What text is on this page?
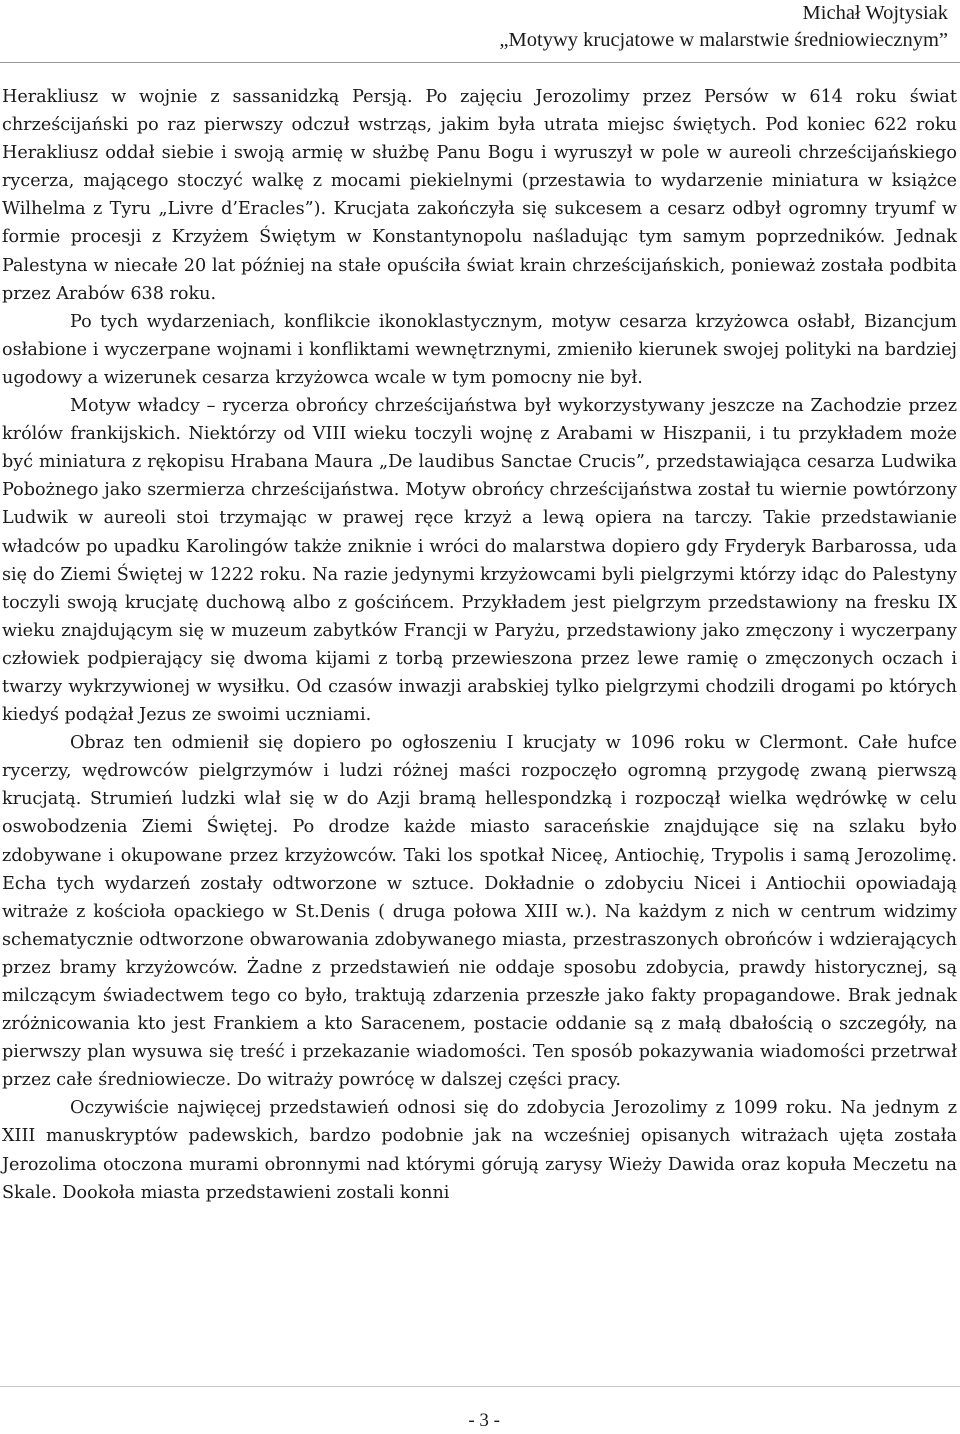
Michał Wojtysiak
„Motywy krucjatowe w malarstwie średniowiecznym”

Herakliusz w wojnie z sassanidzką Persją. Po zajęciu Jerozolimy przez Persów w 614 roku świat chrześcijański po raz pierwszy odczuł wstrząs, jakim była utrata miejsc świętych. Pod koniec 622 roku Herakliusz oddał siebie i swoją armię w służbę Panu Bogu i wyruszył w pole w aureoli chrześcijańskiego rycerza, mającego stoczyć walkę z mocami piekielnymi (przestawia to wydarzenie miniatura w książce Wilhelma z Tyru „Livre d’Eracles”). Krucjata zakończyła się sukcesem a cesarz odbył ogromny tryumf w formie procesji z Krzyżem Świętym w Konstantynopolu naśladując tym samym poprzedników. Jednak Palestyna w niecałe 20 lat później na stałe opuściła świat krain chrześcijańskich, ponieważ została podbita przez Arabów 638 roku.

Po tych wydarzeniach, konflikcie ikonoklastycznym, motyw cesarza krzyżowca osłabł, Bizancjum osłabione i wyczerpane wojnami i konfliktami wewnętrznymi, zmieniło kierunek swojej polityki na bardziej ugodowy a wizerunek cesarza krzyżowca wcale w tym pomocny nie był.

Motyw władcy – rycerza obrońcy chrześcijaństwa był wykorzystywany jeszcze na Zachodzie przez królów frankijskich. Niektórzy od VIII wieku toczyli wojnę z Arabami w Hiszpanii, i tu przykładem może być miniatura z rękopisu Hrabana Maura „De laudibus Sanctae Crucis”, przedstawiająca cesarza Ludwika Pobożnego jako szermierza chrześcijaństwa. Motyw obrońcy chrześcijaństwa został tu wiernie powtórzony Ludwik w aureoli stoi trzymając w prawej ręce krzyż a lewą opiera na tarczy. Takie przedstawianie władców po upadku Karolingów także zniknie i wróci do malarstwa dopiero gdy Fryderyk Barbarossa, uda się do Ziemi Świętej w 1222 roku. Na razie jedynymi krzyżowcami byli pielgrzymi którzy idąc do Palestyny toczyli swoją krucjatę duchową albo z gościńcem. Przykładem jest pielgrzym przedstawiony na fresku IX wieku znajdującym się w muzeum zabytków Francji w Paryżu, przedstawiony jako zmęczony i wyczerpany człowiek podpierający się dwoma kijami z torbą przewieszona przez lewe ramię o zmęczonych oczach i twarzy wykrzywionej w wysiłku. Od czasów inwazji arabskiej tylko pielgrzymi chodzili drogami po których kiedyś podążał Jezus ze swoimi uczniami.

Obraz ten odmienił się dopiero po ogłoszeniu I krucjaty w 1096 roku w Clermont. Całe hufce rycerzy, wędrowców pielgrzymów i ludzi różnej maści rozpoczęło ogromną przygodę zwaną pierwszą krucjatą. Strumień ludzki wlał się w do Azji bramą hellespondzką i rozpoczął wielka wędrówkę w celu oswobodzenia Ziemi Świętej. Po drodze każde miasto saraceńskie znajdujące się na szlaku było zdobywane i okupowane przez krzyżowców. Taki los spotkał Niceę, Antiochię, Trypolis i samą Jerozolimę. Echa tych wydarzeń zostały odtworzone w sztuce. Dokładnie o zdobyciu Nicei i Antiochii opowiadają witraże z kościoła opackiego w St.Denis ( druga połowa XIII w.). Na każdym z nich w centrum widzimy schematycznie odtworzone obwarowania zdobywanego miasta, przestraszonych obrońców i wdzierających przez bramy krzyżowców. Żadne z przedstawień nie oddaje sposobu zdobycia, prawdy historycznej, są milczącym świadectwem tego co było, traktują zdarzenia przeszłe jako fakty propagandowe. Brak jednak zróżnicowania kto jest Frankiem a kto Saracenem, postacie oddanie są z małą dbałością o szczegóły, na pierwszy plan wysuwa się treść i przekazanie wiadomości. Ten sposób pokazywania wiadomości przetrwał przez całe średniowiecze. Do witraży powrócę w dalszej części pracy.

Oczywiście najwięcej przedstawień odnosi się do zdobycia Jerozolimy z 1099 roku. Na jednym z XIII manuskryptów padewskich, bardzo podobnie jak na wcześniej opisanych witrażach ujęta została Jerozolima otoczona murami obronnymi nad którymi górują zarysy Wieży Dawida oraz kopuła Meczetu na Skale. Dookoła miasta przedstawieni zostali konni

- 3 -
